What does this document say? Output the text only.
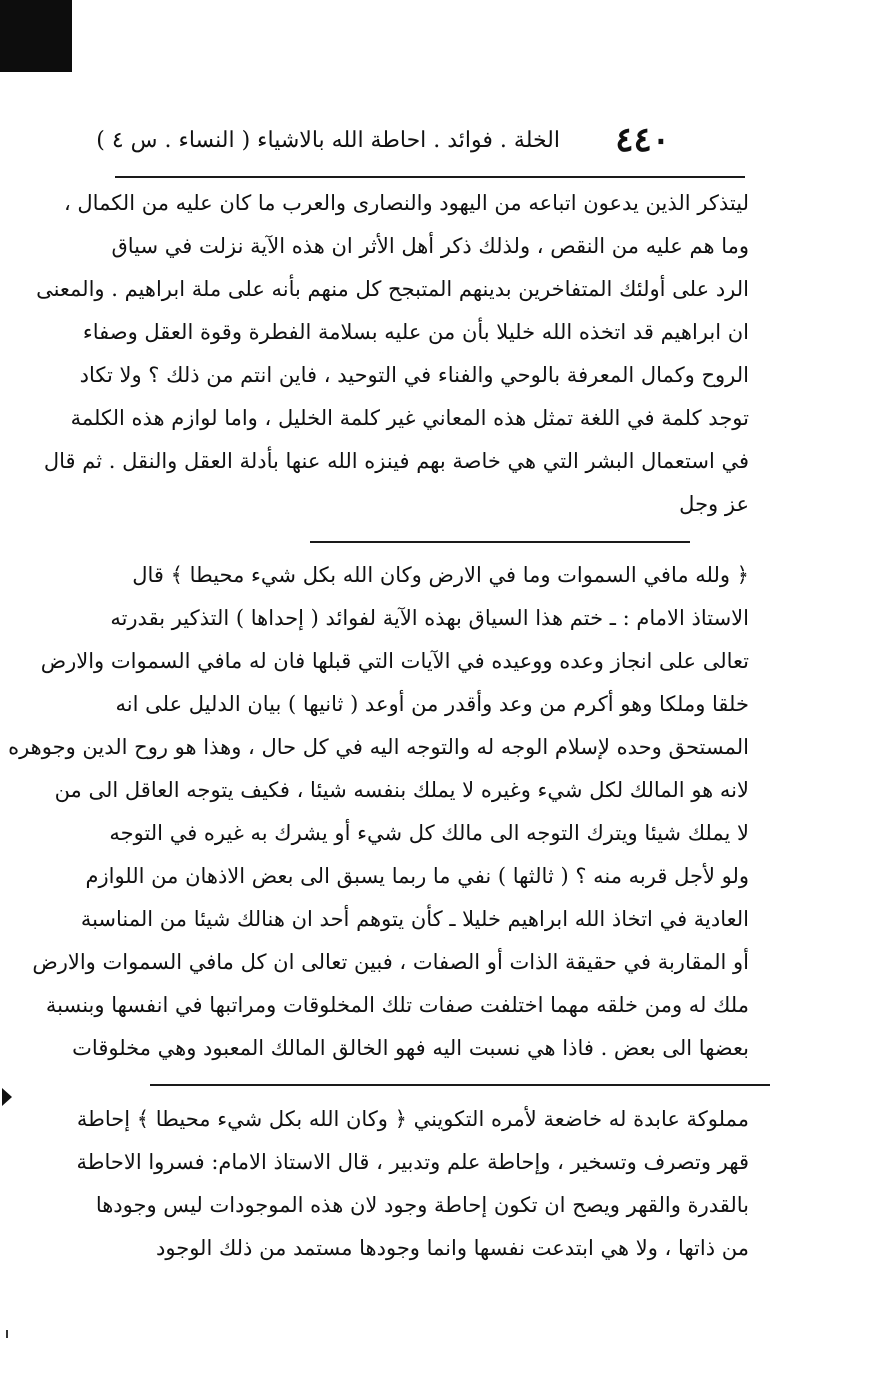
٤٤٠
الخلة . فوائد . احاطة الله بالاشياء ( النساء . س ٤ )
ليتذكر الذين يدعون اتباعه من اليهود والنصارى والعرب ما كان عليه من الكمال ،
وما هم عليه من النقص ، ولذلك ذكر أهل الأثر ان هذه الآية نزلت في سياق
الرد على أولئك المتفاخرين بدينهم المتبجح كل منهم بأنه على ملة ابراهيم . والمعنى
ان ابراهيم قد اتخذه الله خليلا بأن من عليه بسلامة الفطرة وقوة العقل وصفاء
الروح وكمال المعرفة بالوحي والفناء في التوحيد ، فاين انتم من ذلك ؟ ولا تكاد
توجد كلمة في اللغة تمثل هذه المعاني غير كلمة الخليل ، واما لوازم هذه الكلمة
في استعمال البشر التي هي خاصة بهم فينزه الله عنها بأدلة العقل والنقل . ثم قال
عز وجل
﴿ ولله مافي السموات وما في الارض وكان الله بكل شيء محيطا ﴾ قال
الاستاذ الامام : ـ ختم هذا السياق بهذه الآية لفوائد ( إحداها ) التذكير بقدرته
تعالى على انجاز وعده ووعيده في الآيات التي قبلها فان له مافي السموات والارض
خلقا وملكا وهو أكرم من وعد وأقدر من أوعد ( ثانيها ) بيان الدليل على انه
المستحق وحده لإسلام الوجه له والتوجه اليه في كل حال ، وهذا هو روح الدين وجوهره
لانه هو المالك لكل شيء وغيره لا يملك بنفسه شيئا ، فكيف يتوجه العاقل الى من
لا يملك شيئا ويترك التوجه الى مالك كل شيء أو يشرك به غيره في التوجه
ولو لأجل قربه منه ؟ ( ثالثها ) نفي ما ربما يسبق الى بعض الاذهان من اللوازم
العادية في اتخاذ الله ابراهيم خليلا ـ كأن يتوهم أحد ان هنالك شيئا من المناسبة
أو المقاربة في حقيقة الذات أو الصفات ، فبين تعالى ان كل مافي السموات والارض
ملك له ومن خلقه مهما اختلفت صفات تلك المخلوقات ومراتبها في انفسها وبنسبة
بعضها الى بعض . فاذا هي نسبت اليه فهو الخالق المالك المعبود وهي مخلوقات
مملوكة عابدة له خاضعة لأمره التكويني ﴿ وكان الله بكل شيء محيطا ﴾ إحاطة
قهر وتصرف وتسخير ، وإحاطة علم وتدبير ، قال الاستاذ الامام: فسروا الاحاطة
بالقدرة والقهر ويصح ان تكون إحاطة وجود لان هذه الموجودات ليس وجودها
من ذاتها ، ولا هي ابتدعت نفسها وانما وجودها مستمد من ذلك الوجود
